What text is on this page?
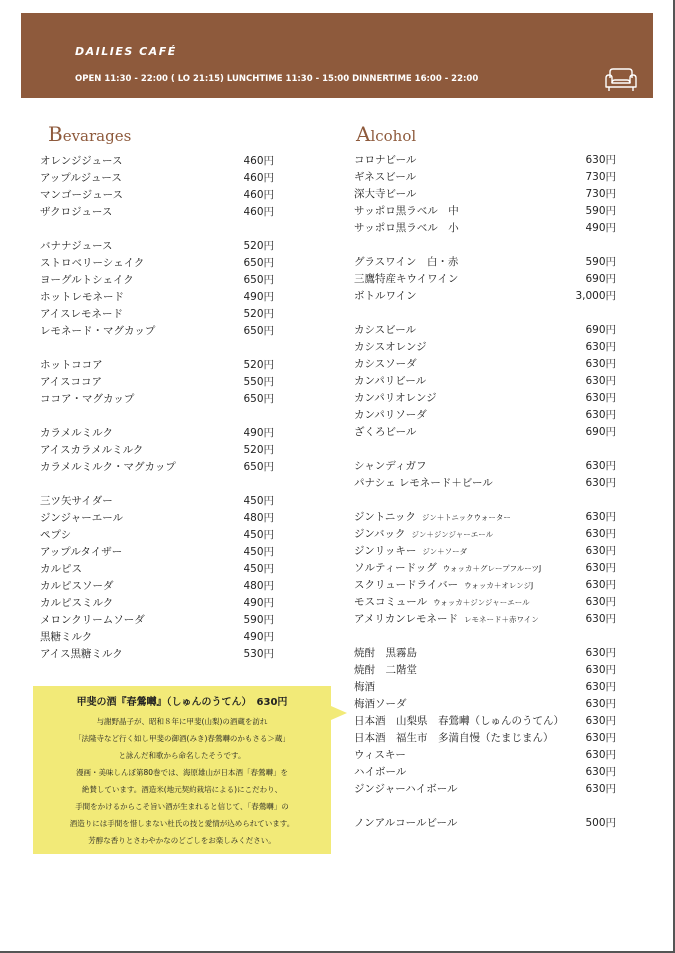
DAILIES CAFÉ
OPEN 11:30 - 22:00 ( LO 21:15) LUNCHTIME 11:30 - 15:00 DINNERTIME 16:00 - 22:00
Bevarages	Alcohol
オレンジジュース	460円
アップルジュース	460円
マンゴージュース	460円
ザクロジュース	460円
バナナジュース	520円
ストロベリーシェイク	650円
ヨーグルトシェイク	650円
ホットレモネード	490円
アイスレモネード	520円
レモネード・マグカップ	650円
ホットココア	520円
アイスココア	550円
ココア・マグカップ	650円
カラメルミルク	490円
アイスカラメルミルク	520円
カラメルミルク・マグカップ	650円
三ツ矢サイダー	450円
ジンジャーエール	480円
ペプシ	450円
アップルタイザー	450円
カルピス	450円
カルピスソーダ	480円
カルピスミルク	490円
メロンクリームソーダ	590円
黒糖ミルク	490円
アイス黒糖ミルク	530円
コロナビール	630円
ギネスビール	730円
深大寺ビール	730円
サッポロ黒ラベル　中	590円
サッポロ黒ラベル　小	490円
グラスワイン　白・赤	590円
三鷹特産キウイワイン	690円
ボトルワイン	3,000円
カシスビール	690円
カシスオレンジ	630円
カシスソーダ	630円
カンパリビール	630円
カンパリオレンジ	630円
カンパリソーダ	630円
ざくろビール	690円
シャンディガフ	630円
パナシェ レモネード＋ビール	630円
ジントニック ジン＋トニックウォーター	630円
ジンバック ジン＋ジンジャーエール	630円
ジンリッキー ジン＋ソーダ	630円
ソルティードッグ ウォッカ＋グレープフルーツJ	630円
スクリュードライバー ウォッカ＋オレンジJ	630円
モスコミュール ウォッカ＋ジンジャーエール	630円
アメリカンレモネード レモネード＋赤ワイン	630円
焼酎　黒霧島	630円
焼酎　二階堂	630円
梅酒	630円
梅酒ソーダ	630円
日本酒　山梨県　春鶯囀（しゅんのうてん）	630円
日本酒　福生市　多満自慢（たまじまん）	630円
ウィスキー	630円
ハイボール	630円
ジンジャーハイボール	630円
ノンアルコールビール	500円
甲斐の酒『春鶯囀』（しゅんのうてん）　630円
与謝野晶子が、昭和８年に甲斐(山梨)の酒蔵を訪れ
「法隆寺など行く如し甲斐の御酒(みき)春鶯囀のかもさる＞蔵」
と詠んだ和歌から命名したそうです。
漫画・美味しんぼ第80巻では、海原雄山が日本酒「春鶯囀」を
絶賛しています。酒造米(地元契約栽培による)にこだわり、
手間をかけるからこそ旨い酒が生まれると信じて、「春鶯囀」の
酒造りには手間を惜しまない杜氏の技と愛情が込められています。
芳醇な香りとさわやかなのどごしをお楽しみください。
